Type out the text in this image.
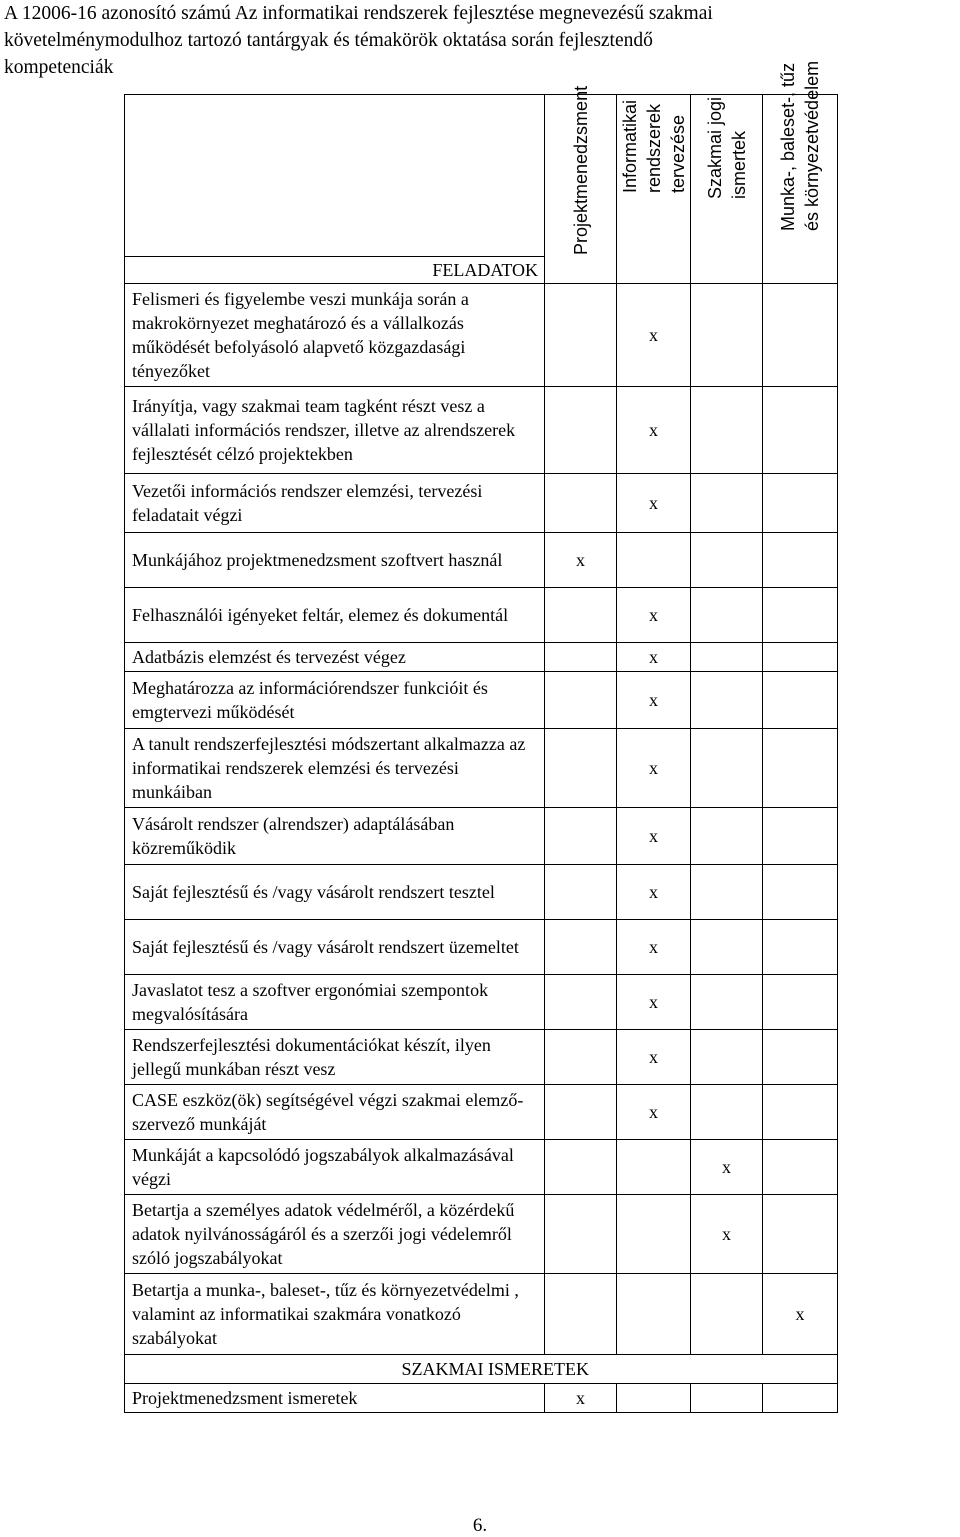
A 12006-16 azonosító számú Az informatikai rendszerek fejlesztése megnevezésű szakmai
követelménymodulhoz tartozó tantárgyak és témakörök oktatása során fejlesztendő
kompetenciák

	Projektmenedzsment	Informatikai rendszerek tervezése	Szakmai jogi ismertek	Munka-, baleset-, tűz és környezetvédelem

FELADATOK				
Felismeri és figyelembe veszi munkája során a makrokörnyezet meghatározó és a vállalkozás működését befolyásoló alapvető közgazdasági tényezőket		x		
Irányítja, vagy szakmai team tagként részt vesz a vállalati információs rendszer, illetve az alrendszerek fejlesztését célzó projektekben		x		
Vezetői információs rendszer elemzési, tervezési feladatait végzi		x		
Munkájához projektmenedzsment szoftvert használ	x			
Felhasználói igényeket feltár, elemez és dokumentál		x		
Adatbázis elemzést és tervezést végez		x		
Meghatározza az információrendszer funkcióit és emgtervezi működését		x		
A tanult rendszerfejlesztési módszertant alkalmazza az informatikai rendszerek elemzési és tervezési munkáiban		x		
Vásárolt rendszer (alrendszer) adaptálásában közreműködik		x		
Saját fejlesztésű és /vagy vásárolt rendszert tesztel		x		
Saját fejlesztésű és /vagy vásárolt rendszert üzemeltet		x		
Javaslatot tesz a szoftver ergonómiai szempontok megvalósítására		x		
Rendszerfejlesztési dokumentációkat készít, ilyen jellegű munkában részt vesz		x		
CASE eszköz(ök) segítségével végzi szakmai elemző-szervező munkáját		x		
Munkáját a kapcsolódó jogszabályok alkalmazásával végzi			x	
Betartja a személyes adatok védelméről, a közérdekű adatok nyilvánosságáról és a szerzői jogi védelemről szóló jogszabályokat			x	
Betartja a munka-, baleset-, tűz és környezetvédelmi , valamint az informatikai szakmára vonatkozó szabályokat				x
SZAKMAI ISMERETEK				
Projektmenedzsment ismeretek	x			
6.
